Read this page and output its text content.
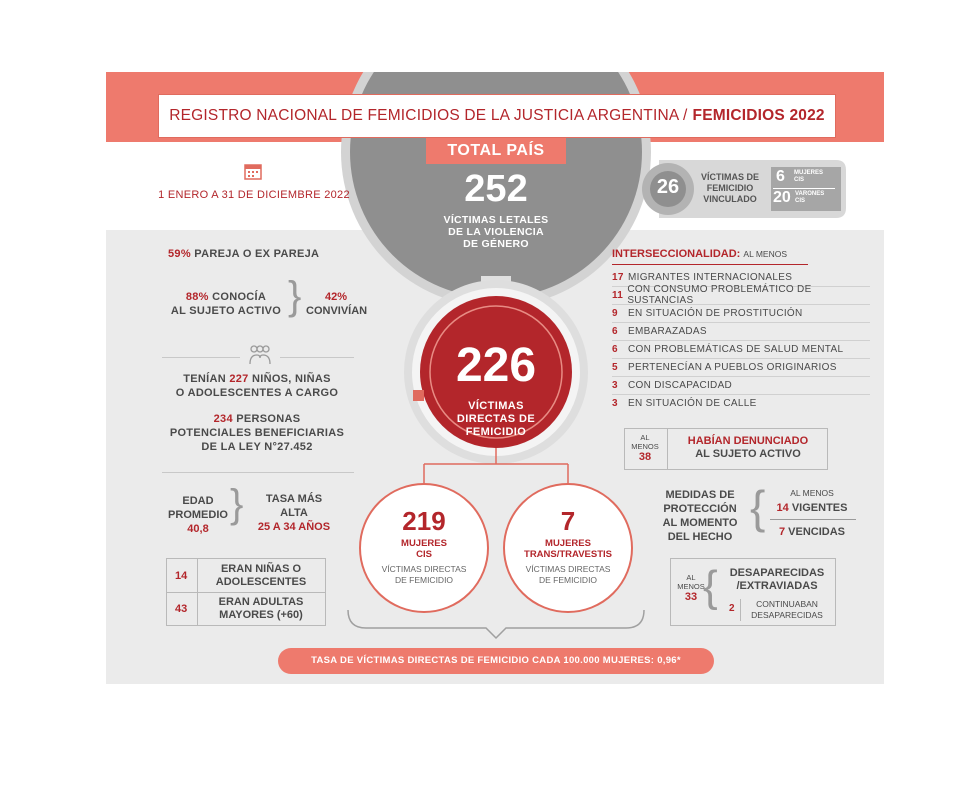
REGISTRO NACIONAL DE FEMICIDIOS DE LA JUSTICIA ARGENTINA / FEMICIDIOS 2022
TOTAL PAÍS
1 ENERO A 31 DE DICIEMBRE 2022	252
VÍCTIMAS LETALES
DE LA VIOLENCIA
DE GÉNERO
26	VÍCTIMAS DE
FEMICIDIO
VINCULADO
6 MUJERES
CIS
20 VARONES
CIS
59% PAREJA O EX PAREJA
88% CONOCÍA
AL SUJETO ACTIVO }	42%
CONVIVÍAN
TENÍAN 227 NIÑOS, NIÑAS
O ADOLESCENTES A CARGO
234 PERSONAS
POTENCIALES BENEFICIARIAS
DE LA LEY N°27.452
EDAD
PROMEDIO
40,8
}	TASA MÁS
ALTA
25 A 34 AÑOS
14
ERAN NIÑAS O
ADOLESCENTES
43
ERAN ADULTAS
MAYORES (+60)
226
VÍCTIMAS
DIRECTAS DE
FEMICIDIO
219
MUJERES
CIS
VÍCTIMAS DIRECTAS
DE FEMICIDIO
7
MUJERES
TRANS/TRAVESTIS
VÍCTIMAS DIRECTAS
DE FEMICIDIO
INTERSECCIONALIDAD: AL MENOS
17 MIGRANTES INTERNACIONALES
11 CON CONSUMO PROBLEMÁTICO DE SUSTANCIAS
9	EN SITUACIÓN DE PROSTITUCIÓN
6	EMBARAZADAS
6	CON PROBLEMÁTICAS DE SALUD MENTAL
5	PERTENECÍAN A PUEBLOS ORIGINARIOS
3	CON DISCAPACIDAD
3	EN SITUACIÓN DE CALLE
AL
MENOS
38
HABÍAN DENUNCIADO
AL SUJETO ACTIVO
MEDIDAS DE
PROTECCIÓN
AL MOMENTO
DEL HECHO
{	AL MENOS
14 VIGENTES
7 VENCIDAS
AL
MENOS
33 {	DESAPARECIDAS
/EXTRAVIADAS
2	CONTINUABAN
DESAPARECIDAS
TASA DE VÍCTIMAS DIRECTAS DE FEMICIDIO CADA 100.000 MUJERES: 0,96*
